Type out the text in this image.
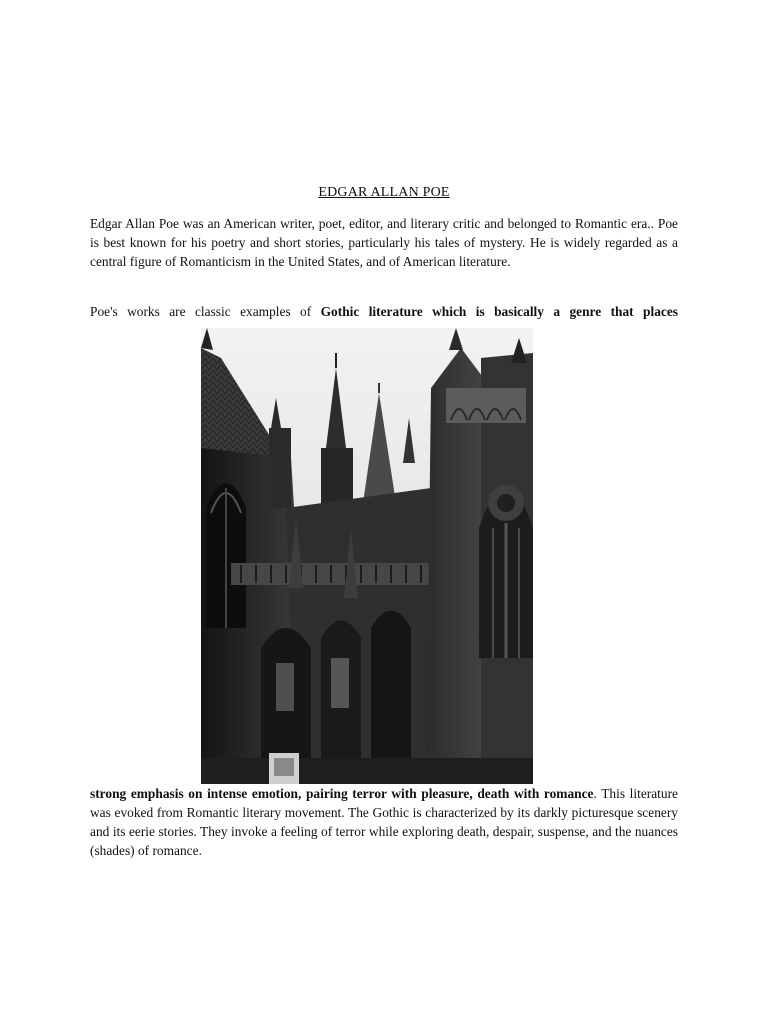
EDGAR ALLAN POE

Edgar Allan Poe was an American writer, poet, editor, and literary critic and belonged to Romantic era.. Poe is best known for his poetry and short stories, particularly his tales of mystery. He is widely regarded as a central figure of Romanticism in the United States, and of American literature.

Poe's works are classic examples of Gothic literature which is basically a genre that places

strong emphasis on intense emotion, pairing terror with pleasure, death with romance. This literature was evoked from Romantic literary movement. The Gothic is characterized by its darkly picturesque scenery and its eerie stories. They invoke a feeling of terror while exploring death, despair, suspense, and the nuances (shades) of romance.
